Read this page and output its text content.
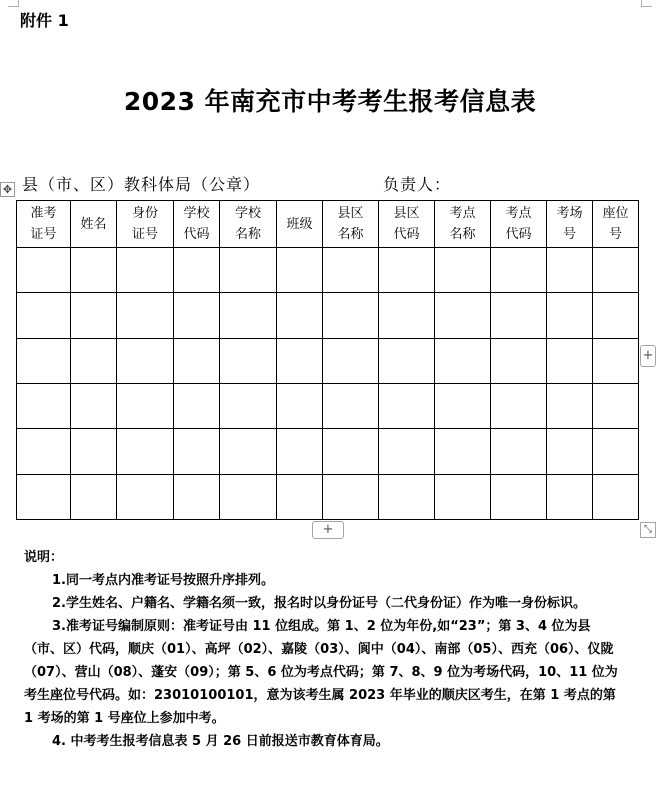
附件 1
2023 年南充市中考考生报考信息表
✥ 县（市、区）教科体局（公章）	负责人：
准考证号	姓名	身份证号	学校代码	学校名称	班级	县区名称	县区代码	考点名称	考点代码	考场号	座位号

+
+	⤡

说明：

1.同一考点内准考证号按照升序排列。

2.学生姓名、户籍名、学籍名须一致，报名时以身份证号（二代身份证）作为唯一身份标识。

3.准考证号编制原则：准考证号由 11 位组成。第 1、2 位为年份,如“23”；第 3、4 位为县（市、区）代码，顺庆（01）、高坪（02）、嘉陵（03）、阆中（04）、南部（05）、西充（06）、仪陇（07）、营山（08）、蓬安（09）；第 5、6 位为考点代码；第 7、8、9 位为考场代码，10、11 位为考生座位号代码。如：23010100101，意为该考生属 2023 年毕业的顺庆区考生，在第 1 考点的第 1 考场的第 1 号座位上参加中考。

4. 中考考生报考信息表 5 月 26 日前报送市教育体育局。
